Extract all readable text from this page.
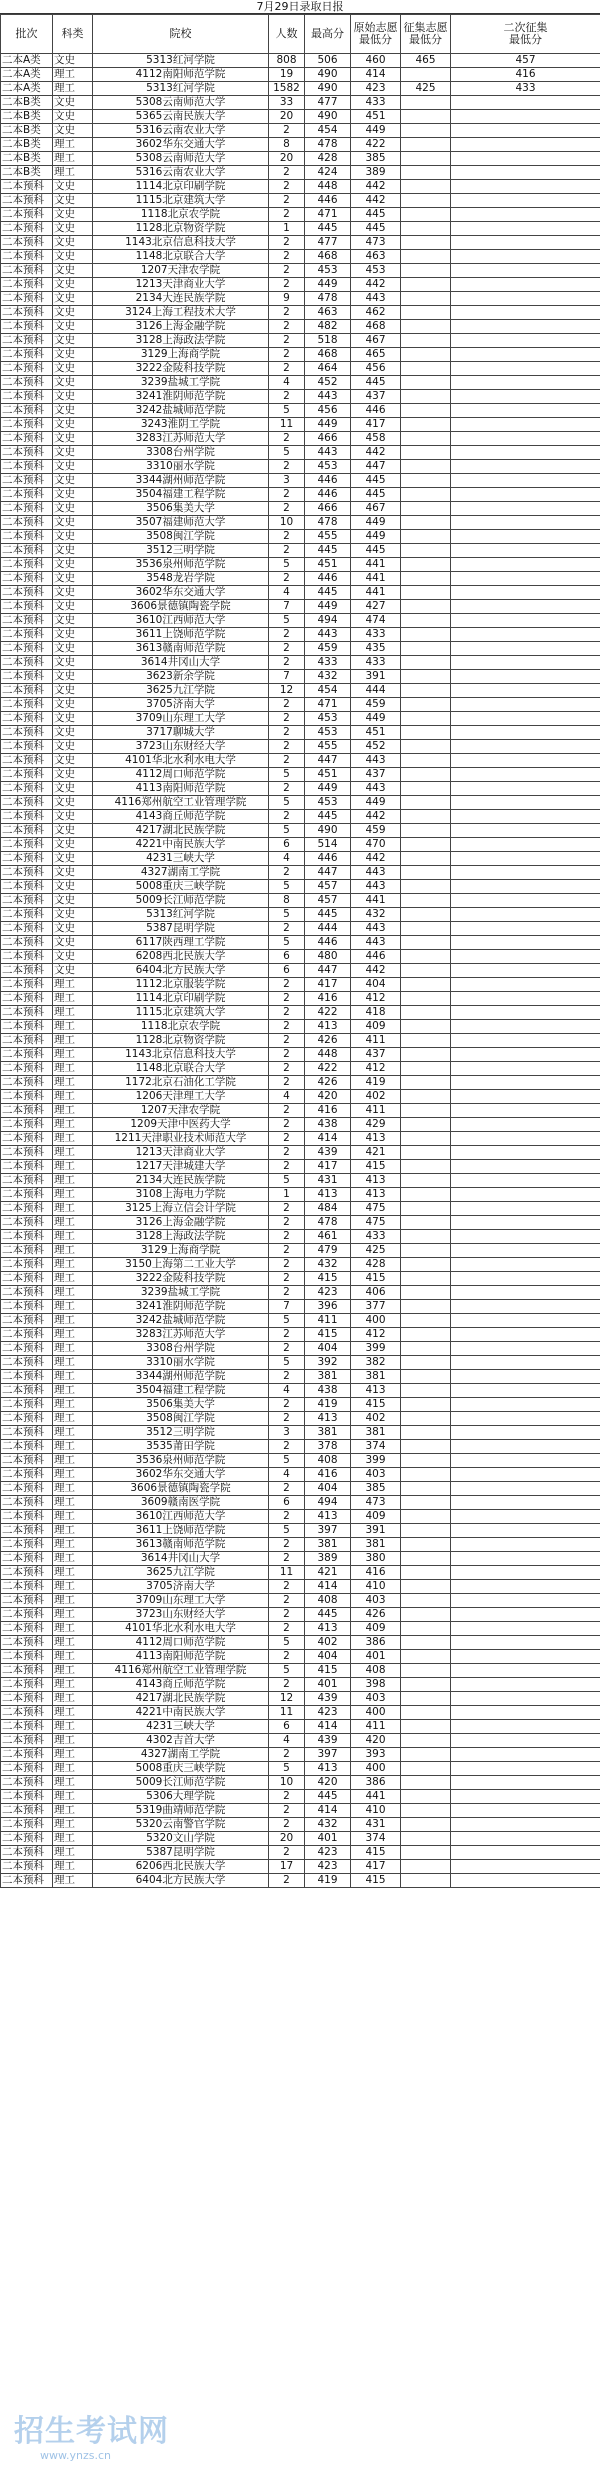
7月29日录取日报
批次	科类	院校	人数	最高分	原始志愿最低分	征集志愿最低分	二次征集最低分
二本A类	文史	5313红河学院	808	506	460	465	457
二本A类	理工	4112南阳师范学院	19	490	414		416
二本A类	理工	5313红河学院	1582	490	423	425	433
二本B类	文史	5308云南师范大学	33	477	433		
二本B类	文史	5365云南民族大学	20	490	451		
二本B类	文史	5316云南农业大学	2	454	449		
二本B类	理工	3602华东交通大学	8	478	422		
二本B类	理工	5308云南师范大学	20	428	385		
二本B类	理工	5316云南农业大学	2	424	389		
二本预科	文史	1114北京印刷学院	2	448	442		
二本预科	文史	1115北京建筑大学	2	446	442		
二本预科	文史	1118北京农学院	2	471	445		
二本预科	文史	1128北京物资学院	1	445	445		
二本预科	文史	1143北京信息科技大学	2	477	473		
二本预科	文史	1148北京联合大学	2	468	463		
二本预科	文史	1207天津农学院	2	453	453		
二本预科	文史	1213天津商业大学	2	449	442		
二本预科	文史	2134大连民族学院	9	478	443		
二本预科	文史	3124上海工程技术大学	2	463	462		
二本预科	文史	3126上海金融学院	2	482	468		
二本预科	文史	3128上海政法学院	2	518	467		
二本预科	文史	3129上海商学院	2	468	465		
二本预科	文史	3222金陵科技学院	2	464	456		
二本预科	文史	3239盐城工学院	4	452	445		
二本预科	文史	3241淮阴师范学院	2	443	437		
二本预科	文史	3242盐城师范学院	5	456	446		
二本预科	文史	3243淮阴工学院	11	449	417		
二本预科	文史	3283江苏师范大学	2	466	458		
二本预科	文史	3308台州学院	5	443	442		
二本预科	文史	3310丽水学院	2	453	447		
二本预科	文史	3344湖州师范学院	3	446	445		
二本预科	文史	3504福建工程学院	2	446	445		
二本预科	文史	3506集美大学	2	466	467		
二本预科	文史	3507福建师范大学	10	478	449		
二本预科	文史	3508闽江学院	2	455	449		
二本预科	文史	3512三明学院	2	445	445		
二本预科	文史	3536泉州师范学院	5	451	441		
二本预科	文史	3548龙岩学院	2	446	441		
二本预科	文史	3602华东交通大学	4	445	441		
二本预科	文史	3606景德镇陶瓷学院	7	449	427		
二本预科	文史	3610江西师范大学	5	494	474		
二本预科	文史	3611上饶师范学院	2	443	433		
二本预科	文史	3613赣南师范学院	2	459	435		
二本预科	文史	3614井冈山大学	2	433	433		
二本预科	文史	3623新余学院	7	432	391		
二本预科	文史	3625九江学院	12	454	444		
二本预科	文史	3705济南大学	2	471	459		
二本预科	文史	3709山东理工大学	2	453	449		
二本预科	文史	3717聊城大学	2	453	451		
二本预科	文史	3723山东财经大学	2	455	452		
二本预科	文史	4101华北水利水电大学	2	447	443		
二本预科	文史	4112周口师范学院	5	451	437		
二本预科	文史	4113南阳师范学院	2	449	443		
二本预科	文史	4116郑州航空工业管理学院	5	453	449		
二本预科	文史	4143商丘师范学院	2	445	442		
二本预科	文史	4217湖北民族学院	5	490	459		
二本预科	文史	4221中南民族大学	6	514	470		
二本预科	文史	4231三峡大学	4	446	442		
二本预科	文史	4327湖南工学院	2	447	443		
二本预科	文史	5008重庆三峡学院	5	457	443		
二本预科	文史	5009长江师范学院	8	457	441		
二本预科	文史	5313红河学院	5	445	432		
二本预科	文史	5387昆明学院	2	444	443		
二本预科	文史	6117陕西理工学院	5	446	443		
二本预科	文史	6208西北民族大学	6	480	446		
二本预科	文史	6404北方民族大学	6	447	442		
二本预科	理工	1112北京服装学院	2	417	404		
二本预科	理工	1114北京印刷学院	2	416	412		
二本预科	理工	1115北京建筑大学	2	422	418		
二本预科	理工	1118北京农学院	2	413	409		
二本预科	理工	1128北京物资学院	2	426	411		
二本预科	理工	1143北京信息科技大学	2	448	437		
二本预科	理工	1148北京联合大学	2	422	412		
二本预科	理工	1172北京石油化工学院	2	426	419		
二本预科	理工	1206天津理工大学	4	420	402		
二本预科	理工	1207天津农学院	2	416	411		
二本预科	理工	1209天津中医药大学	2	438	429		
二本预科	理工	1211天津职业技术师范大学	2	414	413		
二本预科	理工	1213天津商业大学	2	439	421		
二本预科	理工	1217天津城建大学	2	417	415		
二本预科	理工	2134大连民族学院	5	431	413		
二本预科	理工	3108上海电力学院	1	413	413		
二本预科	理工	3125上海立信会计学院	2	484	475		
二本预科	理工	3126上海金融学院	2	478	475		
二本预科	理工	3128上海政法学院	2	461	433		
二本预科	理工	3129上海商学院	2	479	425		
二本预科	理工	3150上海第二工业大学	2	432	428		
二本预科	理工	3222金陵科技学院	2	415	415		
二本预科	理工	3239盐城工学院	2	423	406		
二本预科	理工	3241淮阴师范学院	7	396	377		
二本预科	理工	3242盐城师范学院	5	411	400		
二本预科	理工	3283江苏师范大学	2	415	412		
二本预科	理工	3308台州学院	2	404	399		
二本预科	理工	3310丽水学院	5	392	382		
二本预科	理工	3344湖州师范学院	2	381	381		
二本预科	理工	3504福建工程学院	4	438	413		
二本预科	理工	3506集美大学	2	419	415		
二本预科	理工	3508闽江学院	2	413	402		
二本预科	理工	3512三明学院	3	381	381		
二本预科	理工	3535莆田学院	2	378	374		
二本预科	理工	3536泉州师范学院	5	408	399		
二本预科	理工	3602华东交通大学	4	416	403		
二本预科	理工	3606景德镇陶瓷学院	2	404	385		
二本预科	理工	3609赣南医学院	6	494	473		
二本预科	理工	3610江西师范大学	2	413	409		
二本预科	理工	3611上饶师范学院	5	397	391		
二本预科	理工	3613赣南师范学院	2	381	381		
二本预科	理工	3614井冈山大学	2	389	380		
二本预科	理工	3625九江学院	11	421	416		
二本预科	理工	3705济南大学	2	414	410		
二本预科	理工	3709山东理工大学	2	408	403		
二本预科	理工	3723山东财经大学	2	445	426		
二本预科	理工	4101华北水利水电大学	2	413	409		
二本预科	理工	4112周口师范学院	5	402	386		
二本预科	理工	4113南阳师范学院	2	404	401		
二本预科	理工	4116郑州航空工业管理学院	5	415	408		
二本预科	理工	4143商丘师范学院	2	401	398		
二本预科	理工	4217湖北民族学院	12	439	403		
二本预科	理工	4221中南民族大学	11	423	400		
二本预科	理工	4231三峡大学	6	414	411		
二本预科	理工	4302吉首大学	4	439	420		
二本预科	理工	4327湖南工学院	2	397	393		
二本预科	理工	5008重庆三峡学院	5	413	400		
二本预科	理工	5009长江师范学院	10	420	386		
二本预科	理工	5306大理学院	2	445	441		
二本预科	理工	5319曲靖师范学院	2	414	410		
二本预科	理工	5320云南警官学院	2	432	431		
二本预科	理工	5320文山学院	20	401	374		
二本预科	理工	5387昆明学院	2	423	415		
二本预科	理工	6206西北民族大学	17	423	417		
二本预科	理工	6404北方民族大学	2	419	415		
招生考试网
www.ynzs.cn
